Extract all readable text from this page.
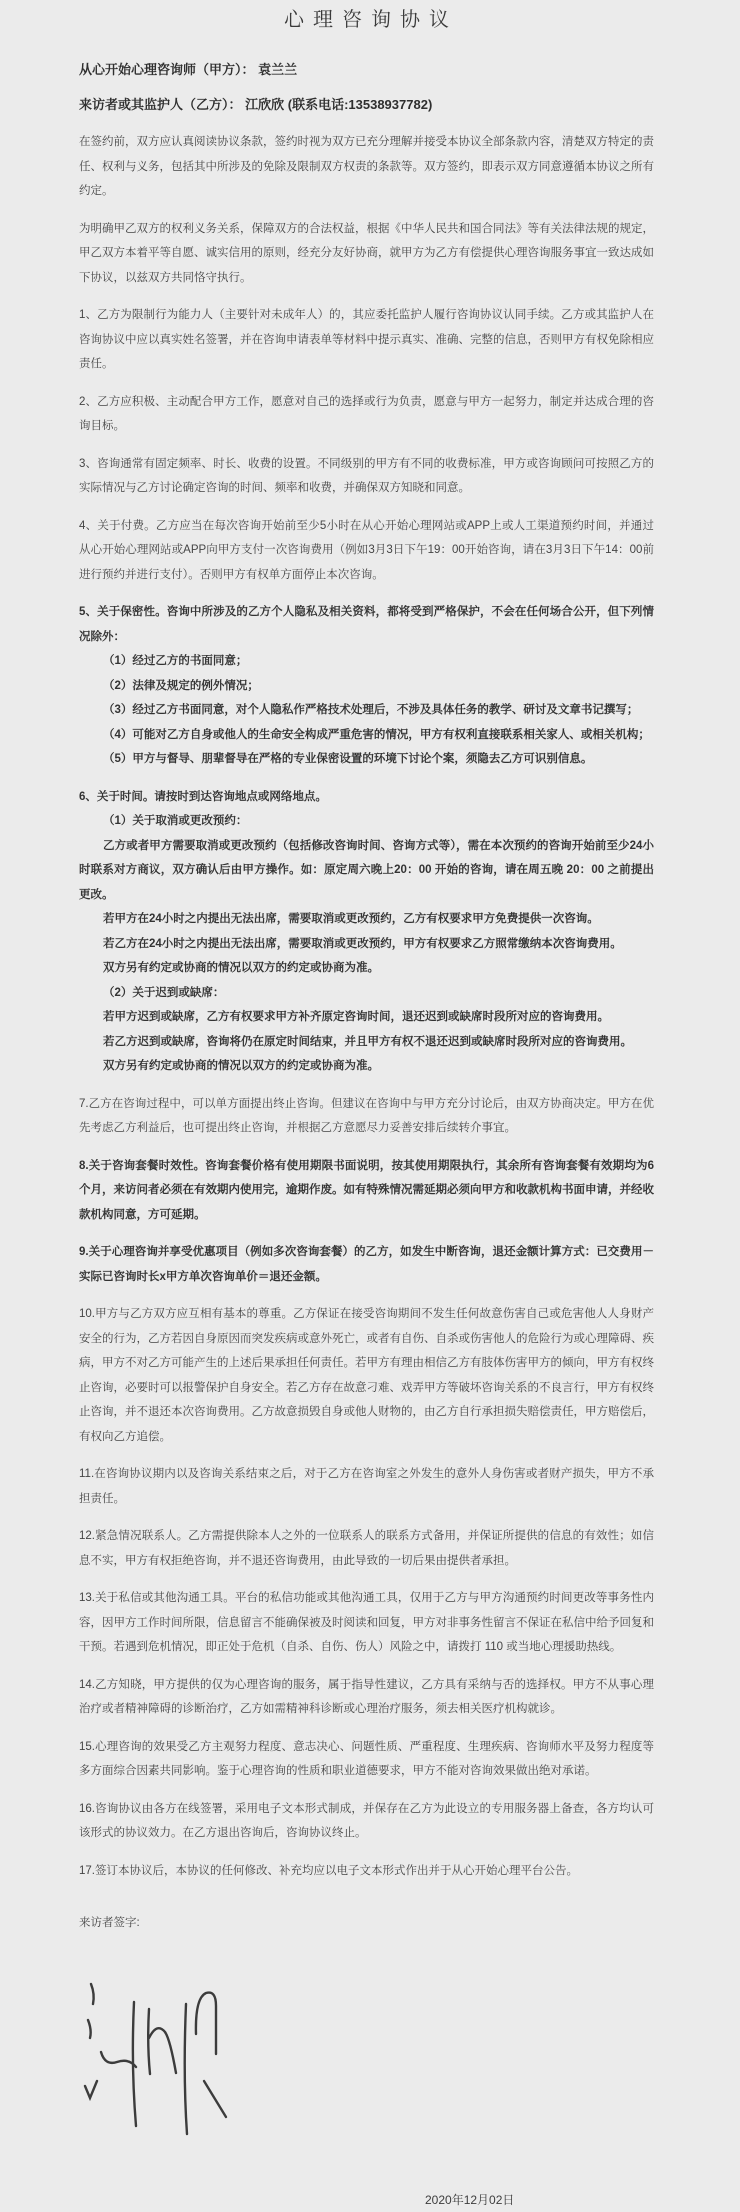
心理咨询协议

从心开始心理咨询师（甲方）： 袁兰兰

来访者或其监护人（乙方）： 江欣欣 (联系电话:13538937782)

在签约前，双方应认真阅读协议条款，签约时视为双方已充分理解并接受本协议全部条款内容，清楚双方特定的责任、权利与义务，包括其中所涉及的免除及限制双方权责的条款等。双方签约，即表示双方同意遵循本协议之所有约定。

为明确甲乙双方的权利义务关系，保障双方的合法权益，根据《中华人民共和国合同法》等有关法律法规的规定，甲乙双方本着平等自愿、诚实信用的原则，经充分友好协商，就甲方为乙方有偿提供心理咨询服务事宜一致达成如下协议，以兹双方共同恪守执行。

1、乙方为限制行为能力人（主要针对未成年人）的，其应委托监护人履行咨询协议认同手续。乙方或其监护人在咨询协议中应以真实姓名签署，并在咨询申请表单等材料中提示真实、准确、完整的信息，否则甲方有权免除相应责任。

2、乙方应积极、主动配合甲方工作，愿意对自己的选择或行为负责，愿意与甲方一起努力，制定并达成合理的咨询目标。

3、咨询通常有固定频率、时长、收费的设置。不同级别的甲方有不同的收费标准，甲方或咨询顾问可按照乙方的实际情况与乙方讨论确定咨询的时间、频率和收费，并确保双方知晓和同意。

4、关于付费。乙方应当在每次咨询开始前至少5小时在从心开始心理网站或APP上或人工渠道预约时间，并通过从心开始心理网站或APP向甲方支付一次咨询费用（例如3月3日下午19：00开始咨询，请在3月3日下午14：00前进行预约并进行支付）。否则甲方有权单方面停止本次咨询。

5、关于保密性。咨询中所涉及的乙方个人隐私及相关资料，都将受到严格保护，不会在任何场合公开，但下列情况除外：

（1）经过乙方的书面同意；

（2）法律及规定的例外情况；

（3）经过乙方书面同意，对个人隐私作严格技术处理后，不涉及具体任务的教学、研讨及文章书记撰写；

（4）可能对乙方自身或他人的生命安全构成严重危害的情况，甲方有权利直接联系相关家人、或相关机构；

（5）甲方与督导、朋辈督导在严格的专业保密设置的环境下讨论个案，须隐去乙方可识别信息。

6、关于时间。请按时到达咨询地点或网络地点。

（1）关于取消或更改预约：

乙方或者甲方需要取消或更改预约（包括修改咨询时间、咨询方式等），需在本次预约的咨询开始前至少24小时联系对方商议，双方确认后由甲方操作。如：原定周六晚上20：00 开始的咨询，请在周五晚 20：00 之前提出更改。

若甲方在24小时之内提出无法出席，需要取消或更改预约，乙方有权要求甲方免费提供一次咨询。

若乙方在24小时之内提出无法出席，需要取消或更改预约，甲方有权要求乙方照常缴纳本次咨询费用。

双方另有约定或协商的情况以双方的约定或协商为准。

（2）关于迟到或缺席：

若甲方迟到或缺席，乙方有权要求甲方补齐原定咨询时间，退还迟到或缺席时段所对应的咨询费用。

若乙方迟到或缺席，咨询将仍在原定时间结束，并且甲方有权不退还迟到或缺席时段所对应的咨询费用。

双方另有约定或协商的情况以双方的约定或协商为准。

7.乙方在咨询过程中，可以单方面提出终止咨询。但建议在咨询中与甲方充分讨论后，由双方协商决定。甲方在优先考虑乙方利益后，也可提出终止咨询，并根据乙方意愿尽力妥善安排后续转介事宜。

8.关于咨询套餐时效性。咨询套餐价格有使用期限书面说明，按其使用期限执行，其余所有咨询套餐有效期均为6个月，来访问者必须在有效期内使用完，逾期作废。如有特殊情况需延期必须向甲方和收款机构书面申请，并经收款机构同意，方可延期。

9.关于心理咨询并享受优惠项目（例如多次咨询套餐）的乙方，如发生中断咨询，退还金额计算方式：已交费用－实际已咨询时长x甲方单次咨询单价＝退还金额。

10.甲方与乙方双方应互相有基本的尊重。乙方保证在接受咨询期间不发生任何故意伤害自己或危害他人人身财产安全的行为，乙方若因自身原因而突发疾病或意外死亡，或者有自伤、自杀或伤害他人的危险行为或心理障碍、疾病，甲方不对乙方可能产生的上述后果承担任何责任。若甲方有理由相信乙方有肢体伤害甲方的倾向，甲方有权终止咨询，必要时可以报警保护自身安全。若乙方存在故意刁难、戏弄甲方等破坏咨询关系的不良言行，甲方有权终止咨询，并不退还本次咨询费用。乙方故意损毁自身或他人财物的，由乙方自行承担损失赔偿责任，甲方赔偿后，有权向乙方追偿。

11.在咨询协议期内以及咨询关系结束之后，对于乙方在咨询室之外发生的意外人身伤害或者财产损失，甲方不承担责任。

12.紧急情况联系人。乙方需提供除本人之外的一位联系人的联系方式备用，并保证所提供的信息的有效性；如信息不实，甲方有权拒绝咨询，并不退还咨询费用，由此导致的一切后果由提供者承担。

13.关于私信或其他沟通工具。平台的私信功能或其他沟通工具，仅用于乙方与甲方沟通预约时间更改等事务性内容，因甲方工作时间所限，信息留言不能确保被及时阅读和回复，甲方对非事务性留言不保证在私信中给予回复和干预。若遇到危机情况，即正处于危机（自杀、自伤、伤人）风险之中，请拨打 110 或当地心理援助热线。

14.乙方知晓，甲方提供的仅为心理咨询的服务，属于指导性建议，乙方具有采纳与否的选择权。甲方不从事心理治疗或者精神障碍的诊断治疗，乙方如需精神科诊断或心理治疗服务，须去相关医疗机构就诊。

15.心理咨询的效果受乙方主观努力程度、意志决心、问题性质、严重程度、生理疾病、咨询师水平及努力程度等多方面综合因素共同影响。鉴于心理咨询的性质和职业道德要求，甲方不能对咨询效果做出绝对承诺。

16.咨询协议由各方在线签署，采用电子文本形式制成，并保存在乙方为此设立的专用服务器上备查，各方均认可该形式的协议效力。在乙方退出咨询后，咨询协议终止。

17.签订本协议后，本协议的任何修改、补充均应以电子文本形式作出并于从心开始心理平台公告。

来访者签字:

2020年12月02日
